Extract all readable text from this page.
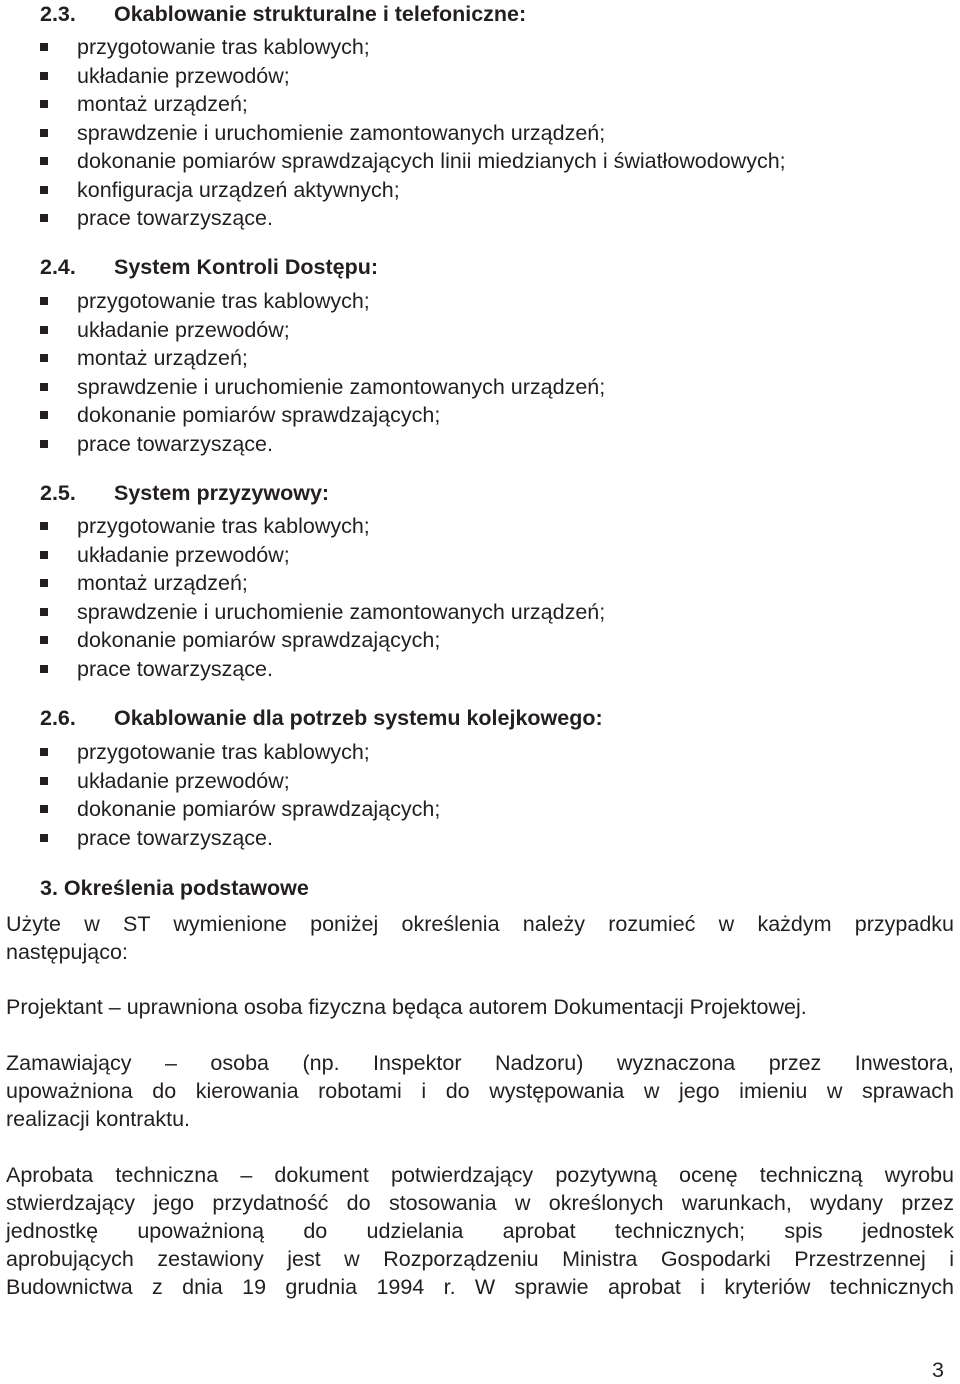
2.3. Okablowanie strukturalne i telefoniczne:
przygotowanie tras kablowych;
układanie przewodów;
montaż urządzeń;
sprawdzenie i uruchomienie zamontowanych urządzeń;
dokonanie pomiarów sprawdzających linii miedzianych i światłowodowych;
konfiguracja urządzeń aktywnych;
prace towarzyszące.
2.4. System Kontroli Dostępu:
przygotowanie tras kablowych;
układanie przewodów;
montaż urządzeń;
sprawdzenie i uruchomienie zamontowanych urządzeń;
dokonanie pomiarów sprawdzających;
prace towarzyszące.
2.5. System przyzywowy:
przygotowanie tras kablowych;
układanie przewodów;
montaż urządzeń;
sprawdzenie i uruchomienie zamontowanych urządzeń;
dokonanie pomiarów sprawdzających;
prace towarzyszące.
2.6. Okablowanie dla potrzeb systemu kolejkowego:
przygotowanie tras kablowych;
układanie przewodów;
dokonanie pomiarów sprawdzających;
prace towarzyszące.
3. Określenia podstawowe
Użyte w ST wymienione poniżej określenia należy rozumieć w każdym przypadku
następująco:
Projektant – uprawniona osoba fizyczna będąca autorem Dokumentacji Projektowej.
Zamawiający – osoba (np. Inspektor Nadzoru) wyznaczona przez Inwestora,
upoważniona do kierowania robotami i do występowania w jego imieniu w sprawach
realizacji kontraktu.
Aprobata techniczna – dokument potwierdzający pozytywną ocenę techniczną wyrobu
stwierdzający jego przydatność do stosowania w określonych warunkach, wydany przez
jednostkę upoważnioną do udzielania aprobat technicznych; spis jednostek
aprobujących zestawiony jest w Rozporządzeniu Ministra Gospodarki Przestrzennej i
Budownictwa z dnia 19 grudnia 1994 r. W sprawie aprobat i kryteriów technicznych
3
